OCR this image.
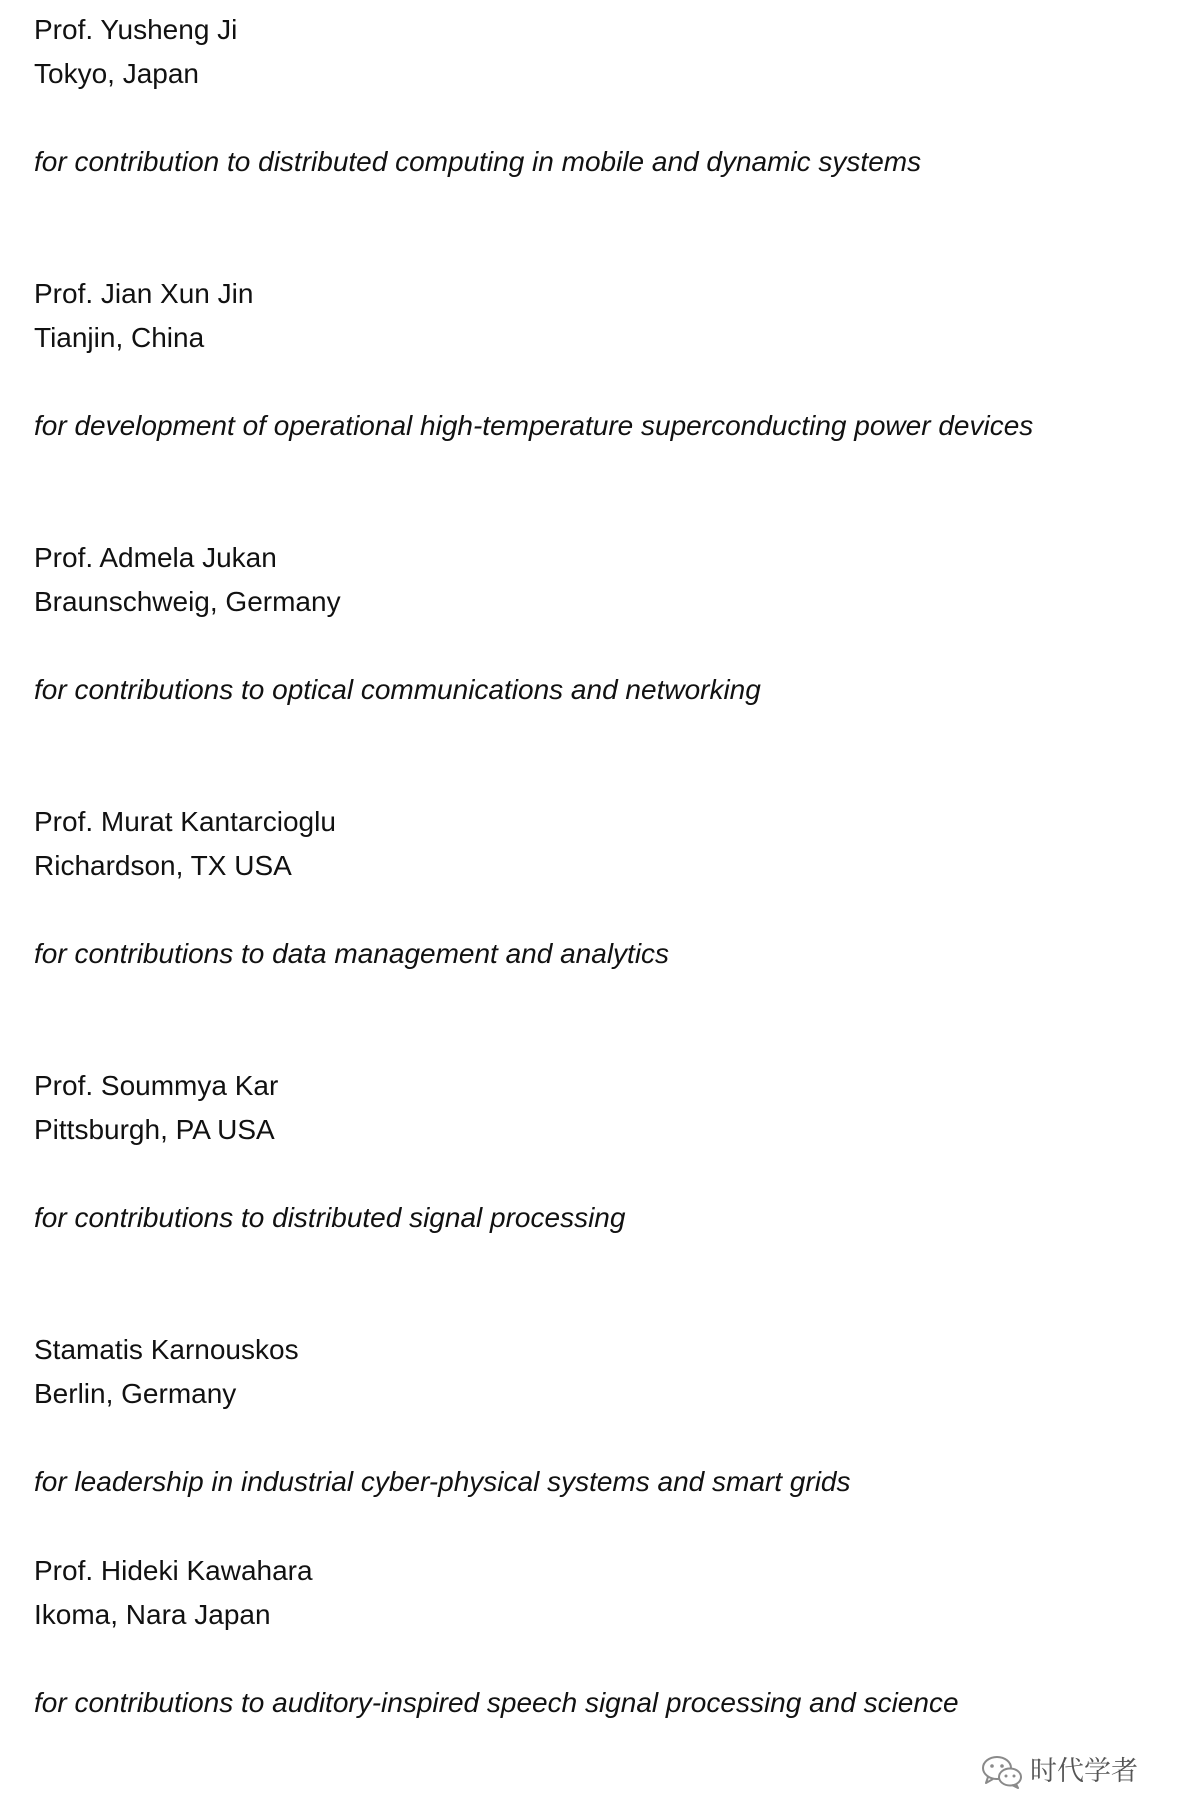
Prof. Yusheng Ji

Tokyo, Japan

for contribution to distributed computing in mobile and dynamic systems

Prof. Jian Xun Jin

Tianjin, China

for development of operational high-temperature superconducting power devices

Prof. Admela Jukan

Braunschweig, Germany

for contributions to optical communications and networking

Prof. Murat Kantarcioglu

Richardson, TX USA

for contributions to data management and analytics

Prof. Soummya Kar

Pittsburgh, PA USA

for contributions to distributed signal processing

Stamatis Karnouskos

Berlin, Germany

for leadership in industrial cyber-physical systems and smart grids

Prof. Hideki Kawahara

Ikoma, Nara Japan

for contributions to auditory-inspired speech signal processing and science

时代学者
